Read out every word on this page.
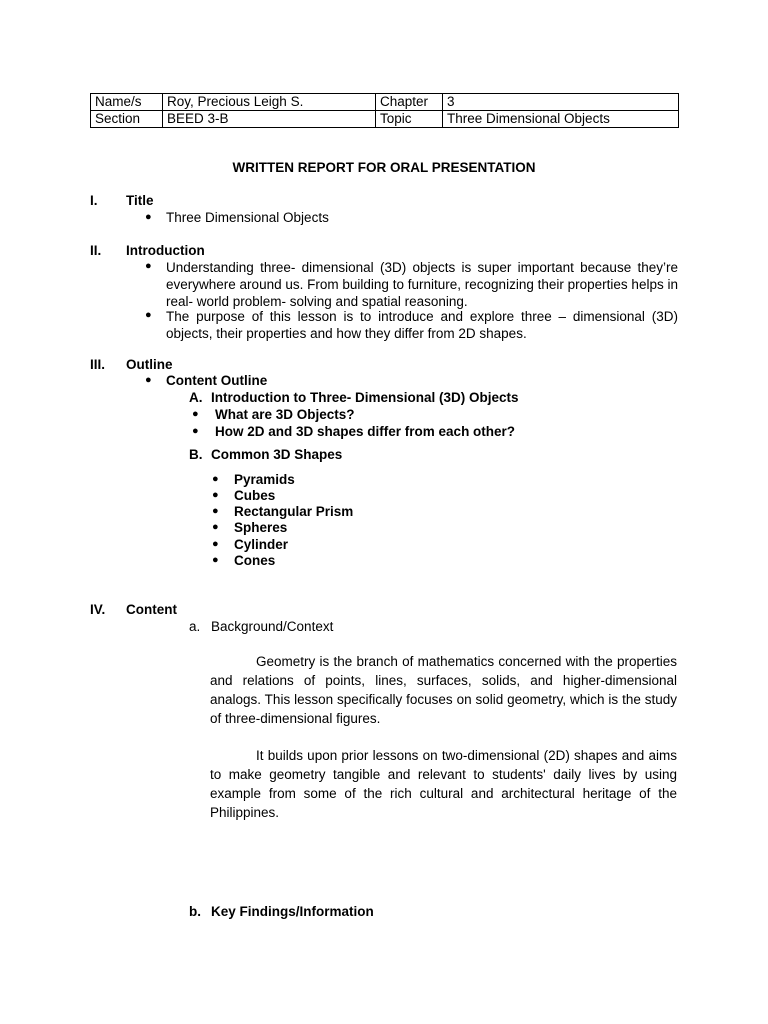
Name/s	Roy, Precious Leigh S.	Chapter	3
Section	BEED 3-B	Topic	Three Dimensional Objects
WRITTEN REPORT FOR ORAL PRESENTATION
I. Title
● Three Dimensional Objects
II. Introduction
● Understanding three- dimensional (3D) objects is super important because they’re everywhere around us. From building to furniture, recognizing their properties helps in real- world problem- solving and spatial reasoning.
● The purpose of this lesson is to introduce and explore three – dimensional (3D) objects, their properties and how they differ from 2D shapes.
III. Outline
● Content Outline
A. Introduction to Three- Dimensional (3D) Objects
● What are 3D Objects?
● How 2D and 3D shapes differ from each other?
B. Common 3D Shapes
● Pyramids
● Cubes
● Rectangular Prism
● Spheres
● Cylinder
● Cones
IV. Content
a. Background/Context
Geometry is the branch of mathematics concerned with the properties and relations of points, lines, surfaces, solids, and higher-dimensional analogs. This lesson specifically focuses on solid geometry, which is the study of three-dimensional figures.
It builds upon prior lessons on two-dimensional (2D) shapes and aims to make geometry tangible and relevant to students' daily lives by using example from some of the rich cultural and architectural heritage of the Philippines.
b. Key Findings/Information
